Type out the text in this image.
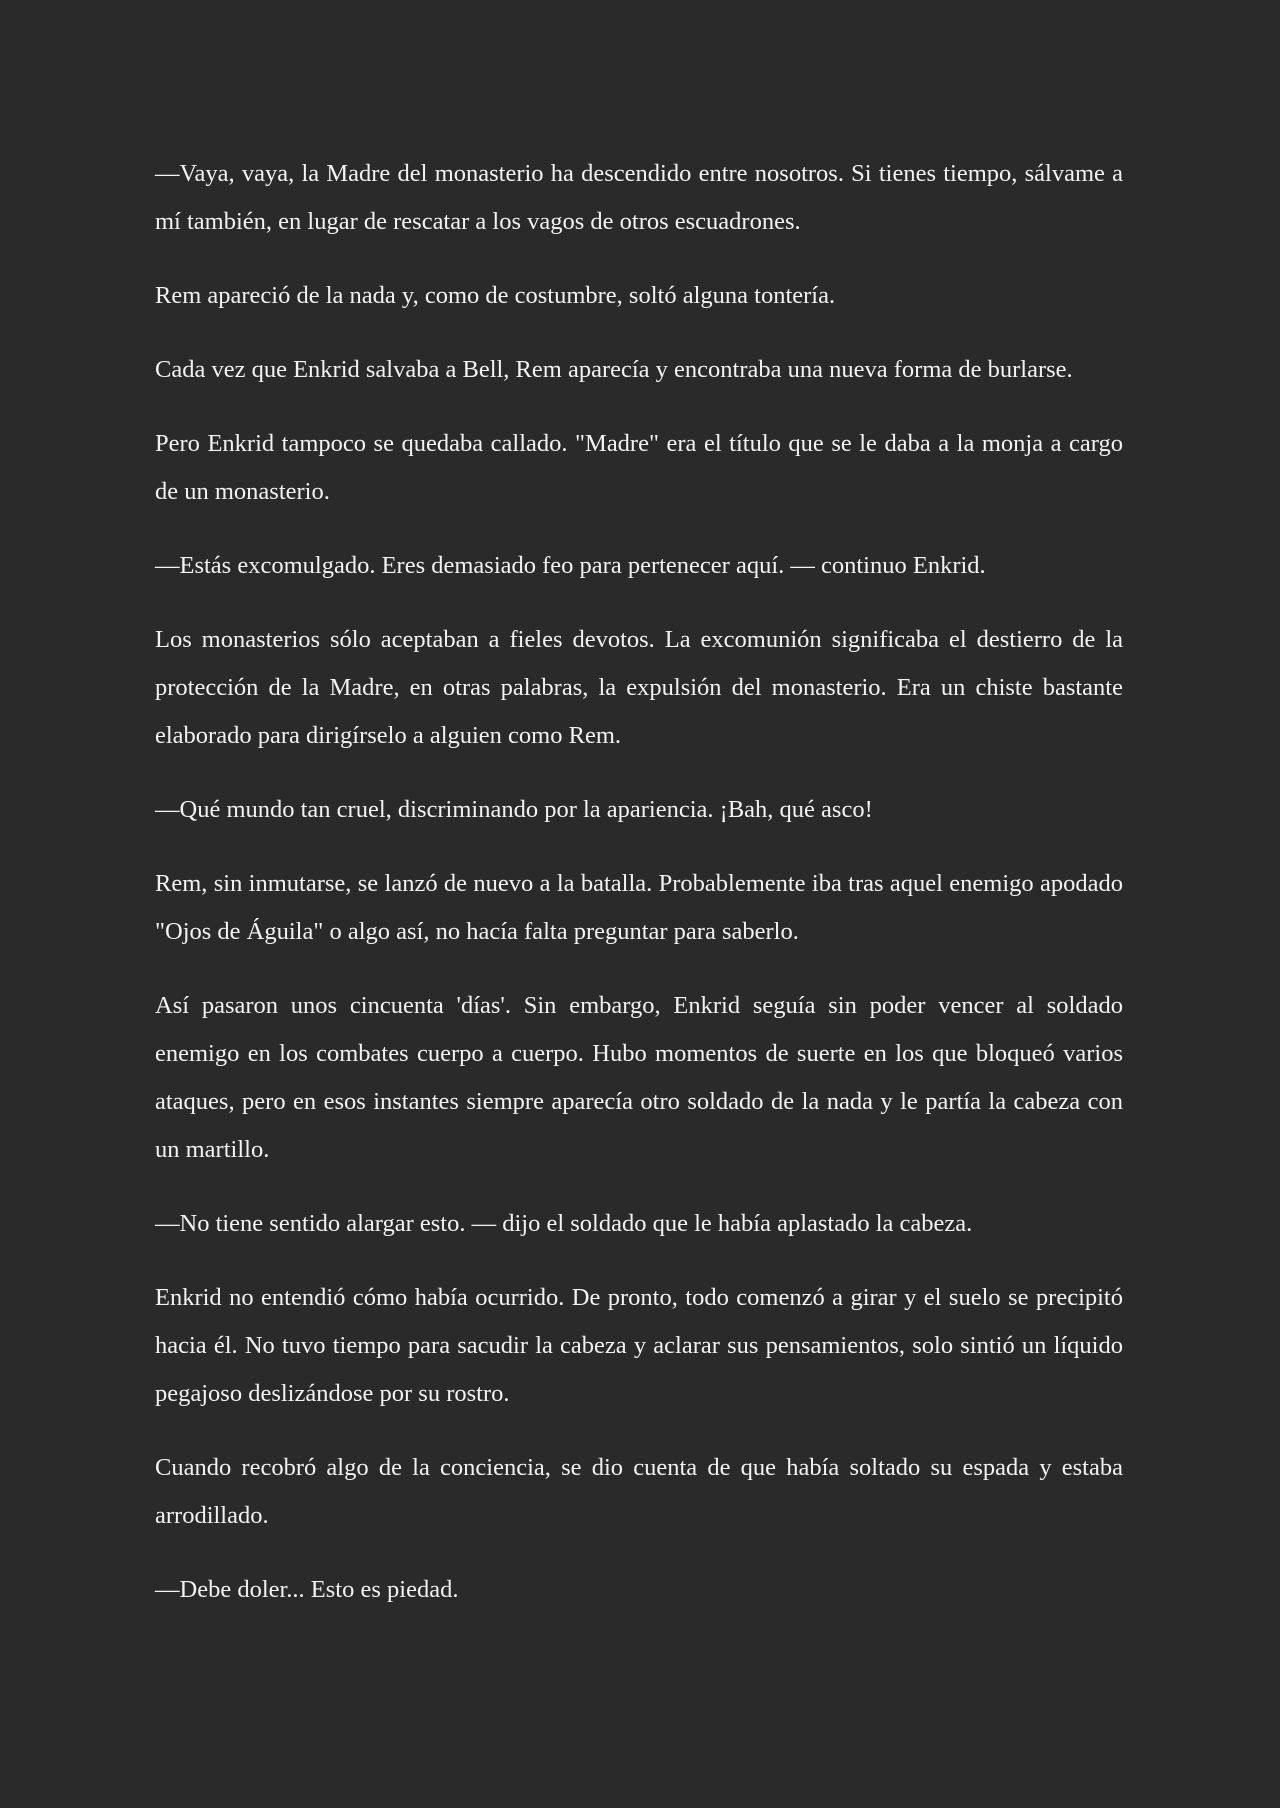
—Vaya, vaya, la Madre del monasterio ha descendido entre nosotros. Si tienes tiempo, sálvame a mí también, en lugar de rescatar a los vagos de otros escuadrones.

Rem apareció de la nada y, como de costumbre, soltó alguna tontería.

Cada vez que Enkrid salvaba a Bell, Rem aparecía y encontraba una nueva forma de burlarse.

Pero Enkrid tampoco se quedaba callado. "Madre" era el título que se le daba a la monja a cargo de un monasterio.

—Estás excomulgado. Eres demasiado feo para pertenecer aquí. — continuo Enkrid.

Los monasterios sólo aceptaban a fieles devotos. La excomunión significaba el destierro de la protección de la Madre, en otras palabras, la expulsión del monasterio. Era un chiste bastante elaborado para dirigírselo a alguien como Rem.

—Qué mundo tan cruel, discriminando por la apariencia. ¡Bah, qué asco!

Rem, sin inmutarse, se lanzó de nuevo a la batalla. Probablemente iba tras aquel enemigo apodado "Ojos de Águila" o algo así, no hacía falta preguntar para saberlo.

Así pasaron unos cincuenta 'días'. Sin embargo, Enkrid seguía sin poder vencer al soldado enemigo en los combates cuerpo a cuerpo. Hubo momentos de suerte en los que bloqueó varios ataques, pero en esos instantes siempre aparecía otro soldado de la nada y le partía la cabeza con un martillo.

—No tiene sentido alargar esto. — dijo el soldado que le había aplastado la cabeza.

Enkrid no entendió cómo había ocurrido. De pronto, todo comenzó a girar y el suelo se precipitó hacia él. No tuvo tiempo para sacudir la cabeza y aclarar sus pensamientos, solo sintió un líquido pegajoso deslizándose por su rostro.

Cuando recobró algo de la conciencia, se dio cuenta de que había soltado su espada y estaba arrodillado.

—Debe doler... Esto es piedad.
